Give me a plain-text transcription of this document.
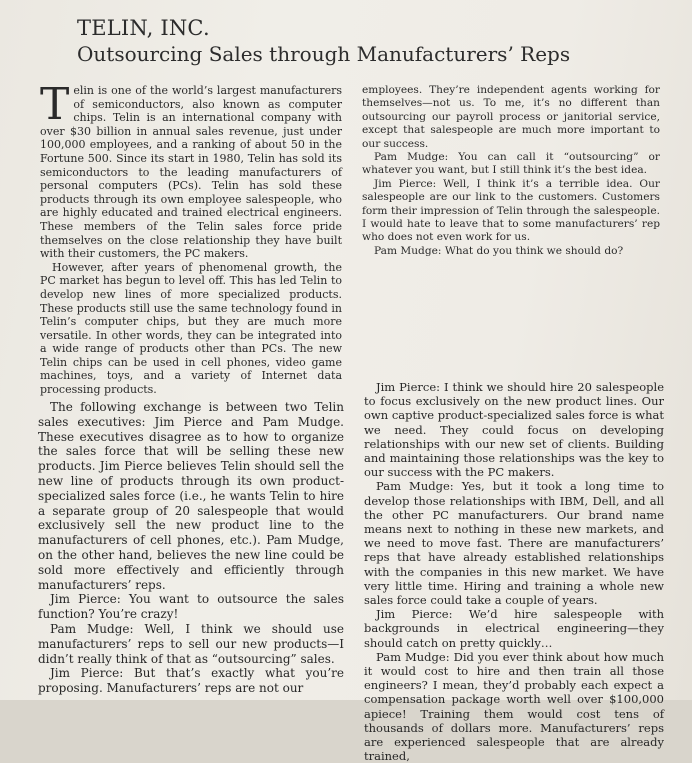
TELIN, INC.
Outsourcing Sales through Manufacturers’ Reps

Telin is one of the world’s largest manufacturers of semiconductors, also known as computer chips. Telin is an international company with over $30 billion in annual sales revenue, just under 100,000 employees, and a ranking of about 50 in the Fortune 500. Since its start in 1980, Telin has sold its semiconductors to the leading manufacturers of personal computers (PCs). Telin has sold these products through its own employee salespeople, who are highly educated and trained electrical engineers. These members of the Telin sales force pride themselves on the close relationship they have built with their customers, the PC makers.

However, after years of phenomenal growth, the PC market has begun to level off. This has led Telin to develop new lines of more specialized products. These products still use the same technology found in Telin’s computer chips, but they are much more versatile. In other words, they can be integrated into a wide range of products other than PCs. The new Telin chips can be used in cell phones, video game machines, toys, and a variety of Internet data processing products.

The following exchange is between two Telin sales executives: Jim Pierce and Pam Mudge. These executives disagree as to how to organize the sales force that will be selling these new products. Jim Pierce believes Telin should sell the new line of products through its own product-specialized sales force (i.e., he wants Telin to hire a separate group of 20 salespeople that would exclusively sell the new product line to the manufacturers of cell phones, etc.). Pam Mudge, on the other hand, believes the new line could be sold more effectively and efficiently through manufacturers’ reps.

Jim Pierce: You want to outsource the sales function? You’re crazy!

Pam Mudge: Well, I think we should use manufacturers’ reps to sell our new products—I didn’t really think of that as “outsourcing” sales.

Jim Pierce: But that’s exactly what you’re proposing. Manufacturers’ reps are not our

employees. They’re independent agents working for themselves—not us. To me, it’s no different than outsourcing our payroll process or janitorial service, except that salespeople are much more important to our success.

Pam Mudge: You can call it “outsourcing” or whatever you want, but I still think it’s the best idea.

Jim Pierce: Well, I think it’s a terrible idea. Our salespeople are our link to the customers. Customers form their impression of Telin through the salespeople. I would hate to leave that to some manufacturers’ rep who does not even work for us.

Pam Mudge: What do you think we should do?

Jim Pierce: I think we should hire 20 salespeople to focus exclusively on the new product lines. Our own captive product-specialized sales force is what we need. They could focus on developing relationships with our new set of clients. Building and maintaining those relationships was the key to our success with the PC makers.

Pam Mudge: Yes, but it took a long time to develop those relationships with IBM, Dell, and all the other PC manufacturers. Our brand name means next to nothing in these new markets, and we need to move fast. There are manufacturers’ reps that have already established relationships with the companies in this new market. We have very little time. Hiring and training a whole new sales force could take a couple of years.

Jim Pierce: We’d hire salespeople with backgrounds in electrical engineering—they should catch on pretty quickly…

Pam Mudge: Did you ever think about how much it would cost to hire and then train all those engineers? I mean, they’d probably each expect a compensation package worth well over $100,000 apiece! Training them would cost tens of thousands of dollars more. Manufacturers’ reps are experienced salespeople that are already trained,
